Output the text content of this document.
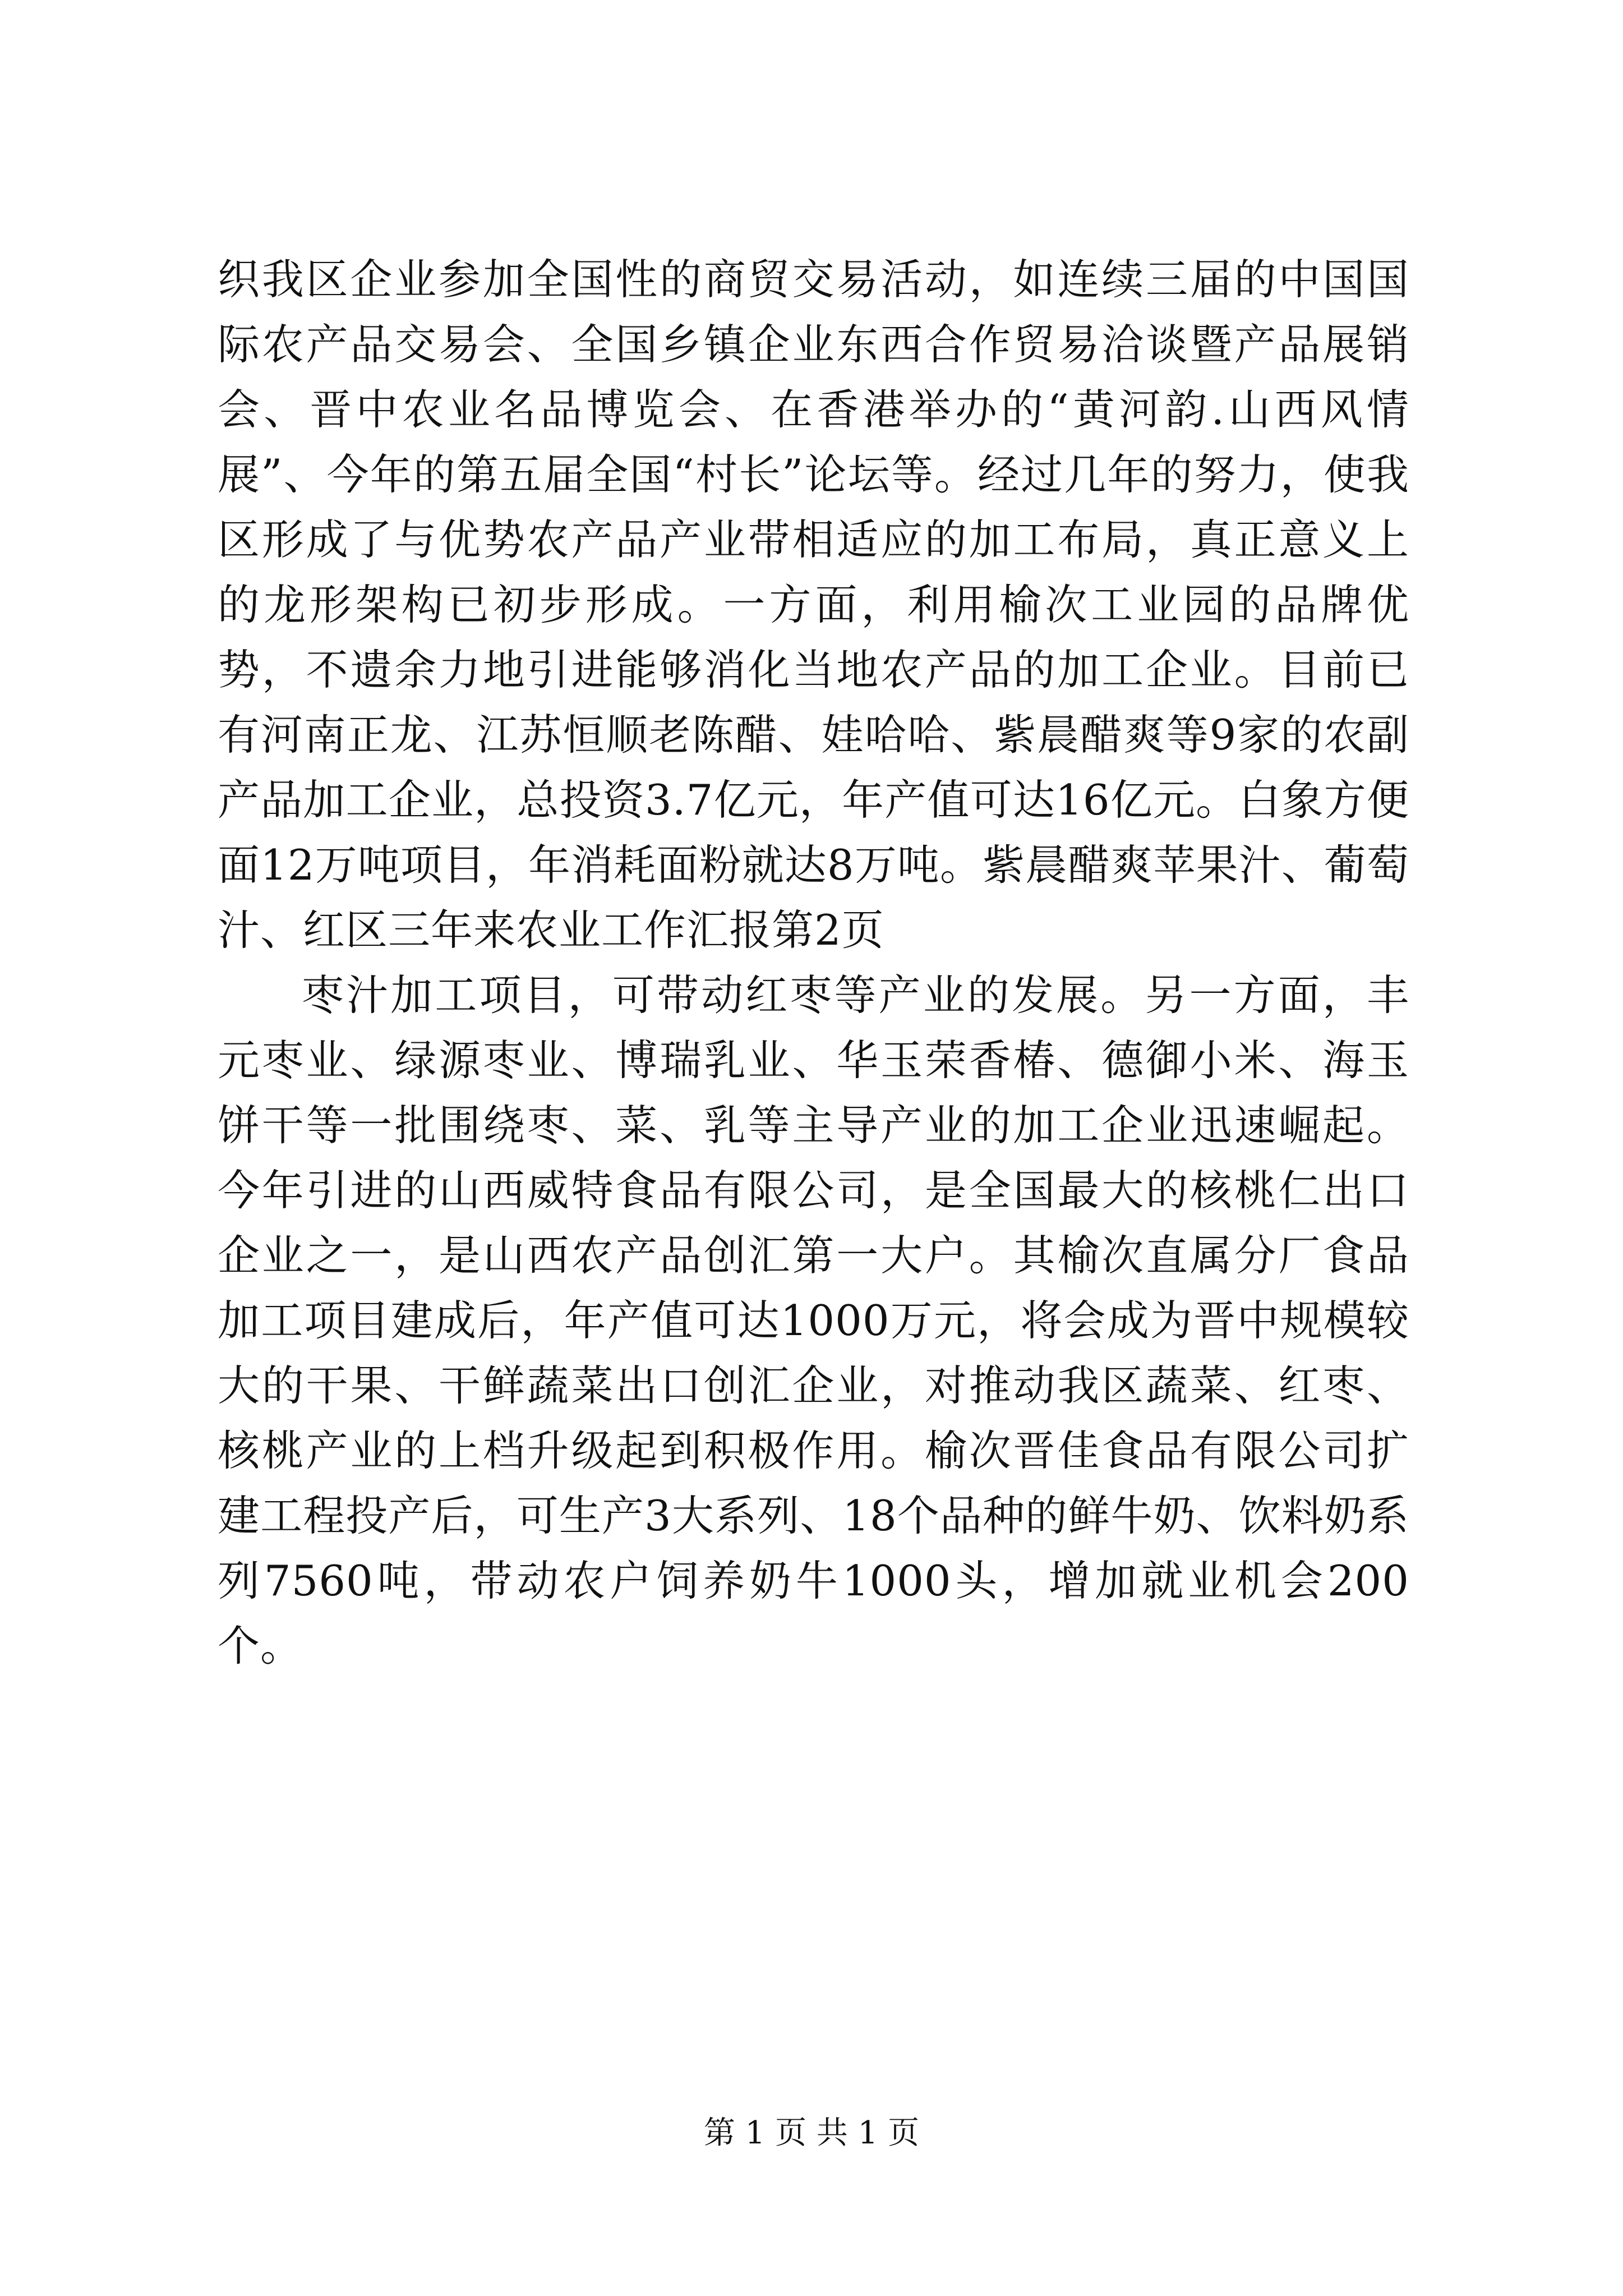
织我区企业参加全国性的商贸交易活动，如连续三届的中国国际农产品交易会、全国乡镇企业东西合作贸易洽谈暨产品展销会、晋中农业名品博览会、在香港举办的“黄河韵.山西风情展”、今年的第五届全国“村长”论坛等。经过几年的努力，使我区形成了与优势农产品产业带相适应的加工布局，真正意义上的龙形架构已初步形成。一方面，利用榆次工业园的品牌优势，不遗余力地引进能够消化当地农产品的加工企业。目前已有河南正龙、江苏恒顺老陈醋、娃哈哈、紫晨醋爽等9家的农副产品加工企业，总投资3.7亿元，年产值可达16亿元。白象方便面12万吨项目，年消耗面粉就达8万吨。紫晨醋爽苹果汁、葡萄汁、红区三年来农业工作汇报第2页

枣汁加工项目，可带动红枣等产业的发展。另一方面，丰元枣业、绿源枣业、博瑞乳业、华玉荣香椿、德御小米、海玉饼干等一批围绕枣、菜、乳等主导产业的加工企业迅速崛起。今年引进的山西威特食品有限公司，是全国最大的核桃仁出口企业之一，是山西农产品创汇第一大户。其榆次直属分厂食品加工项目建成后，年产值可达1000万元，将会成为晋中规模较大的干果、干鲜蔬菜出口创汇企业，对推动我区蔬菜、红枣、核桃产业的上档升级起到积极作用。榆次晋佳食品有限公司扩建工程投产后，可生产3大系列、18个品种的鲜牛奶、饮料奶系列7560吨，带动农户饲养奶牛1000头，增加就业机会200个。

第 1 页 共 1 页
